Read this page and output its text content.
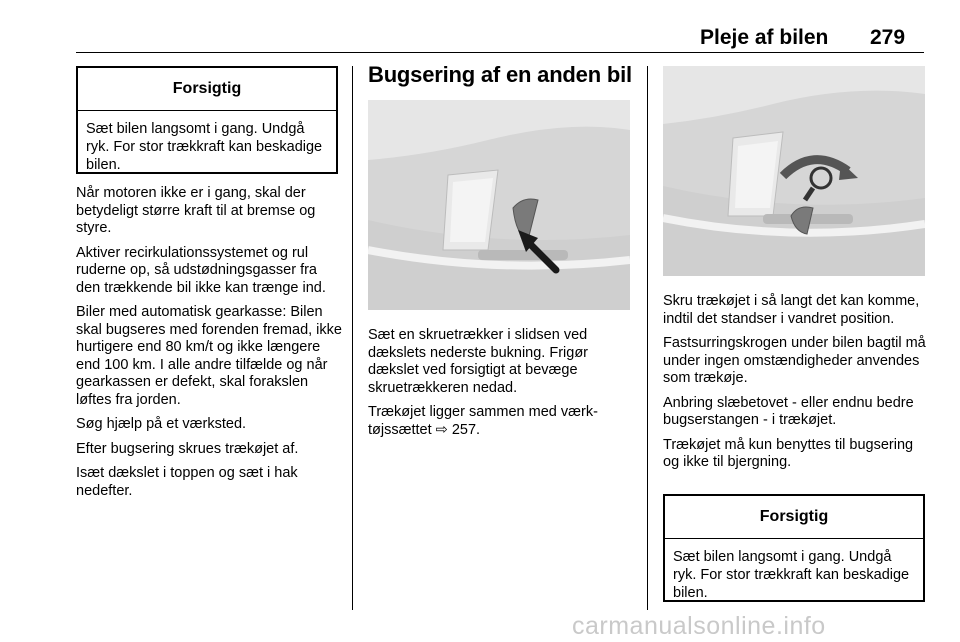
Pleje af bilen 279
Forsigtig
Sæt bilen langsomt i gang. Undgå ryk. For stor trækkraft kan beskadige bilen.

Når motoren ikke er i gang, skal der betydeligt større kraft til at bremse og styre.

Aktiver recirkulationssystemet og rul ruderne op, så udstødningsgasser fra den trækkende bil ikke kan trænge ind.

Biler med automatisk gearkasse: Bilen skal bugseres med forenden fremad, ikke hurtigere end 80 km/t og ikke længere end 100 km. I alle andre tilfælde og når gearkassen er defekt, skal forakslen løftes fra jorden.

Søg hjælp på et værksted.

Efter bugsering skrues trækøjet af.

Isæt dækslet i toppen og sæt i hak nedefter.

Bugsering af en anden bil

Sæt en skruetrækker i slidsen ved dækslets nederste bukning. Frigør dækslet ved forsigtigt at bevæge skruetrækkeren nedad.

Trækøjet ligger sammen med værktøjssættet ⇨ 257.

Skru trækøjet i så langt det kan komme, indtil det standser i vandret position.

Fastsurringskrogen under bilen bagtil må under ingen omstændigheder anvendes som trækøje.

Anbring slæbetovet - eller endnu bedre bugserstangen - i trækøjet.

Trækøjet må kun benyttes til bugsering og ikke til bjergning.

Forsigtig
Sæt bilen langsomt i gang. Undgå ryk. For stor trækkraft kan beskadige bilen.
carmanualsonline.info
